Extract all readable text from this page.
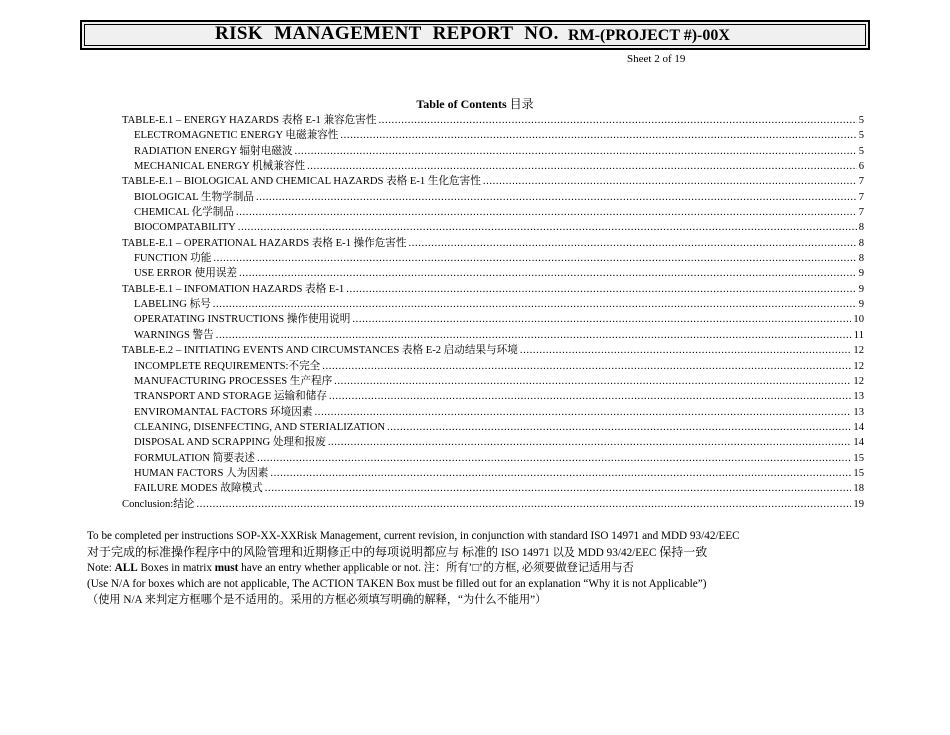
RISK MANAGEMENT REPORT NO. RM-(PROJECT #)-00X
Sheet 2 of 19
Table of Contents 目录
TABLE-E.1 – ENERGY HAZARDS 表格 E-1 兼容危害性 .....	5
ELECTROMAGNETIC ENERGY 电磁兼容性 .....	5
RADIATION ENERGY 辐射电磁波 .....	5
MECHANICAL ENERGY 机械兼容性 .....	6
TABLE-E.1 – BIOLOGICAL AND CHEMICAL HAZARDS 表格 E-1 生化危害性 .....	7
BIOLOGICAL 生物学制品 .....	7
CHEMICAL 化学制品 .....	7
BIOCOMPATABILITY .....	8
TABLE-E.1 – OPERATIONAL HAZARDS 表格 E-1 操作危害性 .....	8
FUNCTION 功能 .....	8
USE ERROR 使用误差 .....	9
TABLE-E.1 – INFOMATION HAZARDS 表格 E-1 .....	9
LABELING 标号 .....	9
OPERATATING INSTRUCTIONS 操作使用说明 .....	10
WARNINGS 警告 .....	11
TABLE-E.2 – INITIATING EVENTS AND CIRCUMSTANCES 表格 E-2 启动结果与环境 .....	12
INCOMPLETE REQUIREMENTS:不完全 .....	12
MANUFACTURING PROCESSES 生产程序 .....	12
TRANSPORT AND STORAGE 运输和储存 .....	13
ENVIROMANTAL FACTORS 环境因素 .....	13
CLEANING, DISENFECTING, AND STERIALIZATION .....	14
DISPOSAL AND SCRAPPING 处理和报废 .....	14
FORMULATION 简要表述 .....	15
HUMAN FACTORS 人为因素 .....	15
FAILURE MODES 故障模式 .....	18
Conclusion:结论 .....	19
To be completed per instructions SOP-XX-XXRisk Management, current revision, in conjunction with standard ISO 14971 and MDD 93/42/EEC
对于完成的标准操作程序中的风险管理和近期修正中的每项说明都应与 标准的 ISO 14971 以及 MDD 93/42/EEC 保持一致
Note: ALL Boxes in matrix must have an entry whether applicable or not. 注：所有’□’的方框, 必须要做登记适用与否
(Use N/A for boxes which are not applicable, The ACTION TAKEN Box must be filled out for an explanation “Why it is not Applicable”)
（使用 N/A 来判定方框哪个是不适用的。采用的方框必须填写明确的解释，“为什么不能用”）
